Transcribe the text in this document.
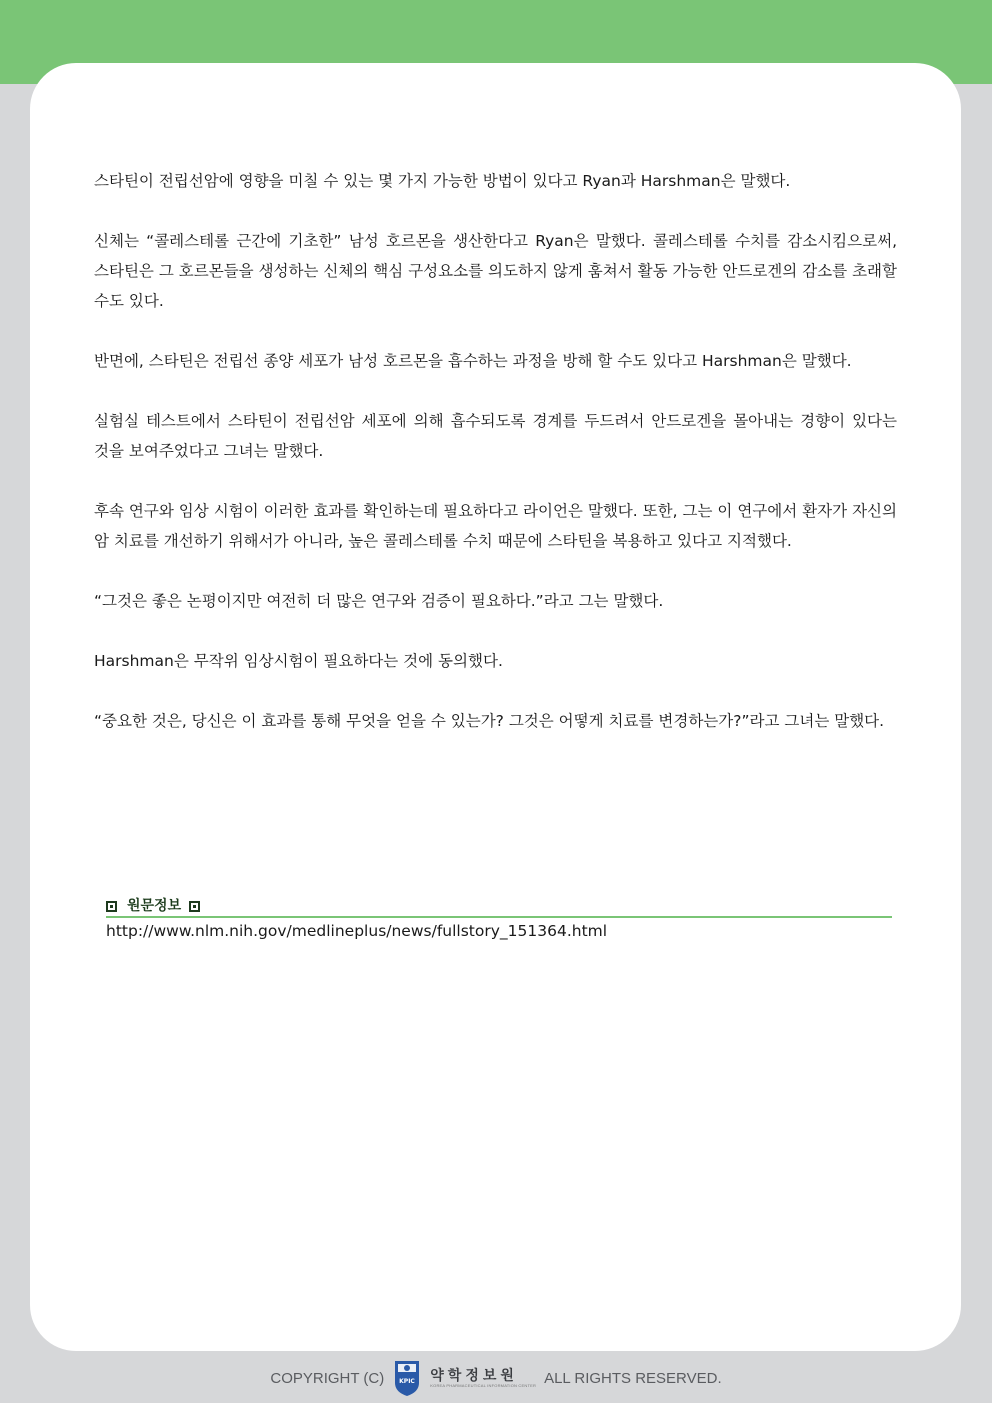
스타틴이 전립선암에 영향을 미칠 수 있는 몇 가지 가능한 방법이 있다고 Ryan과 Harshman은 말했다.

신체는 “콜레스테롤 근간에 기초한” 남성 호르몬을 생산한다고 Ryan은 말했다. 콜레스테롤 수치를 감소시킴으로써, 스타틴은 그 호르몬들을 생성하는 신체의 핵심 구성요소를 의도하지 않게 훔쳐서 활동 가능한 안드로겐의 감소를 초래할 수도 있다.

반면에, 스타틴은 전립선 종양 세포가 남성 호르몬을 흡수하는 과정을 방해 할 수도 있다고 Harshman은 말했다.

실험실 테스트에서 스타틴이 전립선암 세포에 의해 흡수되도록 경계를 두드려서 안드로겐을 몰아내는 경향이 있다는 것을 보여주었다고 그녀는 말했다.

후속 연구와 임상 시험이 이러한 효과를 확인하는데 필요하다고 라이언은 말했다. 또한, 그는 이 연구에서 환자가 자신의 암 치료를 개선하기 위해서가 아니라, 높은 콜레스테롤 수치 때문에 스타틴을 복용하고 있다고 지적했다.

“그것은 좋은 논평이지만 여전히 더 많은 연구와 검증이 필요하다.”라고 그는 말했다.

Harshman은 무작위 임상시험이 필요하다는 것에 동의했다.

“중요한 것은, 당신은 이 효과를 통해 무엇을 얻을 수 있는가? 그것은 어떻게 치료를 변경하는가?”라고 그녀는 말했다.

원문정보
http://www.nlm.nih.gov/medlineplus/news/fullstory_151364.html
COPYRIGHT (C)	KPIC 약학정보원
KOREA PHARMACEUTICAL INFORMATION CENTER ALL RIGHTS RESERVED.
